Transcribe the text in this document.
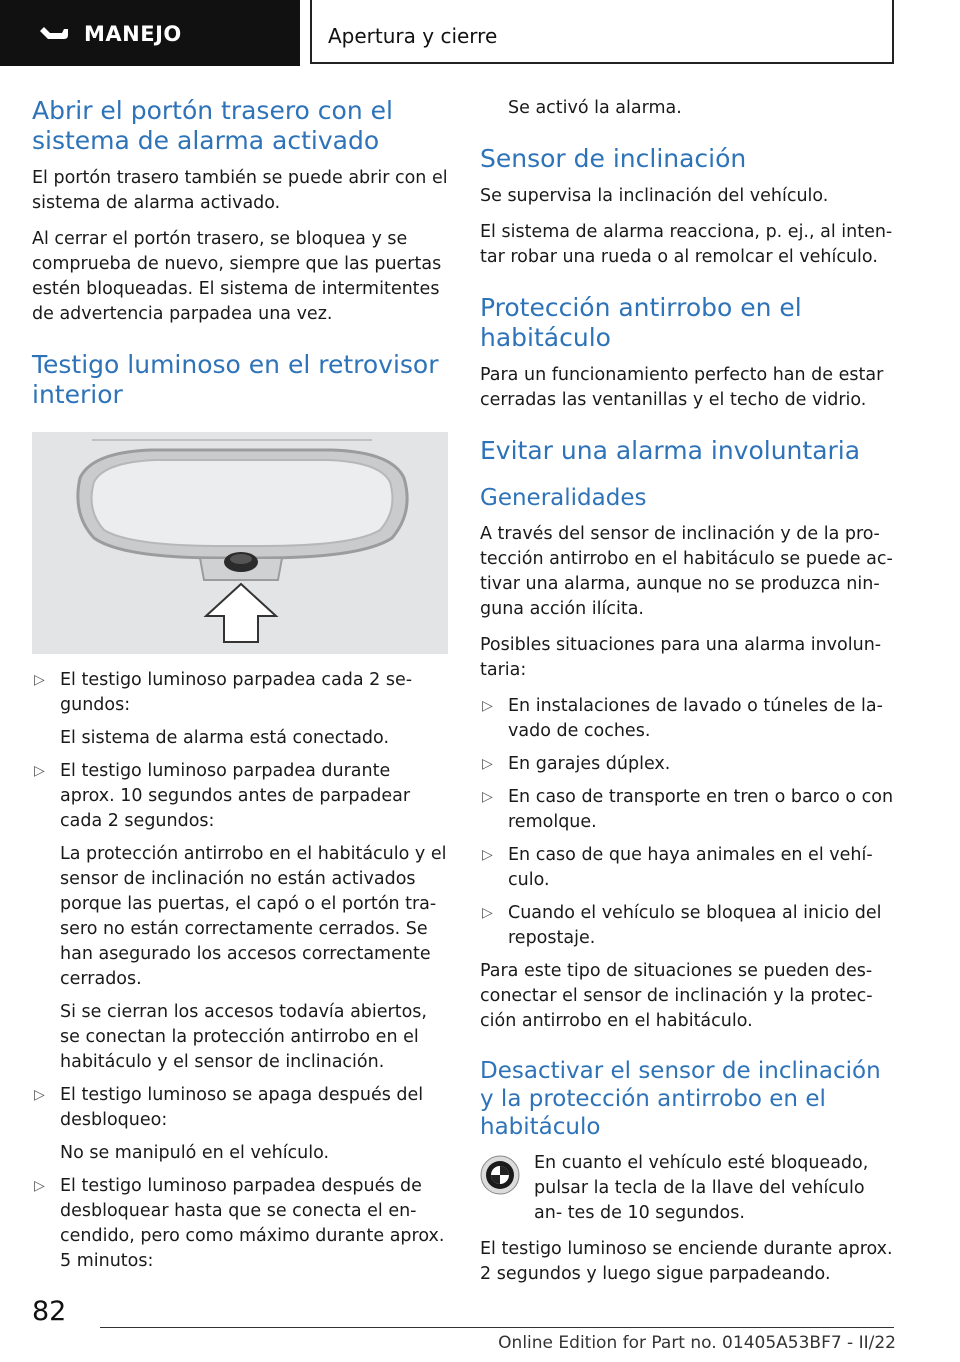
MANEJO	Apertura y cierre
Abrir el portón trasero con el sistema de alarma activado

El portón trasero también se puede abrir con el sistema de alarma activado.

Al cerrar el portón trasero, se bloquea y se comprueba de nuevo, siempre que las puertas estén bloqueadas. El sistema de intermitentes de advertencia parpadea una vez.

Testigo luminoso en el retrovisor interior
▷ El testigo luminoso parpadea cada 2 se‐ gundos:
El sistema de alarma está conectado.
▷ El testigo luminoso parpadea durante aprox. 10 segundos antes de parpadear cada 2 segundos:
La protección antirrobo en el habitáculo y el sensor de inclinación no están activados porque las puertas, el capó o el portón tra‐ sero no están correctamente cerrados. Se han asegurado los accesos correctamente cerrados.
Si se cierran los accesos todavía abiertos, se conectan la protección antirrobo en el habitáculo y el sensor de inclinación.
▷ El testigo luminoso se apaga después del desbloqueo:
No se manipuló en el vehículo.
▷ El testigo luminoso parpadea después de desbloquear hasta que se conecta el en‐ cendido, pero como máximo durante aprox. 5 minutos:

Se activó la alarma.

Sensor de inclinación

Se supervisa la inclinación del vehículo.

El sistema de alarma reacciona, p. ej., al inten‐ tar robar una rueda o al remolcar el vehículo.

Protección antirrobo en el habitáculo

Para un funcionamiento perfecto han de estar cerradas las ventanillas y el techo de vidrio.

Evitar una alarma involuntaria
Generalidades

A través del sensor de inclinación y de la pro‐ tección antirrobo en el habitáculo se puede ac‐ tivar una alarma, aunque no se produzca nin‐ guna acción ilícita.

Posibles situaciones para una alarma involun‐ taria:

▷ En instalaciones de lavado o túneles de la‐ vado de coches.
▷ En garajes dúplex.
▷ En caso de transporte en tren o barco o con remolque.
▷ En caso de que haya animales en el vehí‐ culo.
▷ Cuando el vehículo se bloquea al inicio del repostaje.

Para este tipo de situaciones se pueden des‐ conectar el sensor de inclinación y la protec‐ ción antirrobo en el habitáculo.

Desactivar el sensor de inclinación y la protección antirrobo en el habitáculo

En cuanto el vehículo esté bloqueado, pulsar la tecla de la llave del vehículo an‐ tes de 10 segundos.

El testigo luminoso se enciende durante aprox. 2 segundos y luego sigue parpadeando.

82
Online Edition for Part no. 01405A53BF7 - II/22
